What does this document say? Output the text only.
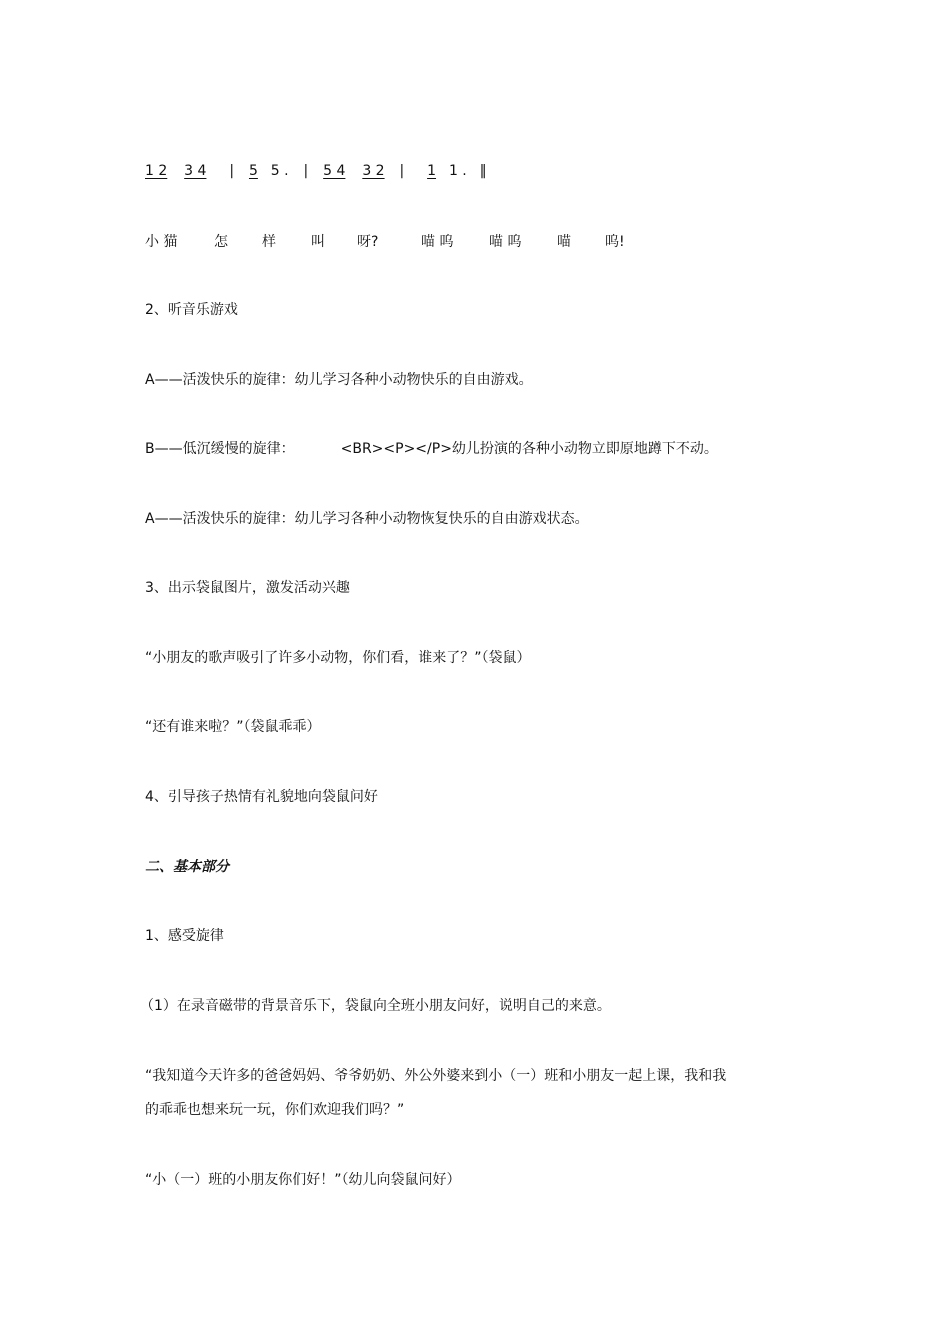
1 2 3 4 | 5 5 . | 5 4 3 2 | 1 1 . ‖
小 猫	怎 样	叫 呀?	喵 呜	喵 呜	喵 呜!
2、听音乐游戏
A——活泼快乐的旋律：幼儿学习各种小动物快乐的自由游戏。
B——低沉缓慢的旋律：	<BR><P></P>幼儿扮演的各种小动物立即原地蹲下不动。
A——活泼快乐的旋律：幼儿学习各种小动物恢复快乐的自由游戏状态。
3、出示袋鼠图片，激发活动兴趣
“小朋友的歌声吸引了许多小动物，你们看，谁来了？”（袋鼠）
“还有谁来啦？”（袋鼠乖乖）
4、引导孩子热情有礼貌地向袋鼠问好
二、基本部分
1、感受旋律
（1）在录音磁带的背景音乐下，袋鼠向全班小朋友问好，说明自己的来意。
“我知道今天许多的爸爸妈妈、爷爷奶奶、外公外婆来到小（一）班和小朋友一起上课，我和我
的乖乖也想来玩一玩，你们欢迎我们吗？”
“小（一）班的小朋友你们好！”（幼儿向袋鼠问好）
